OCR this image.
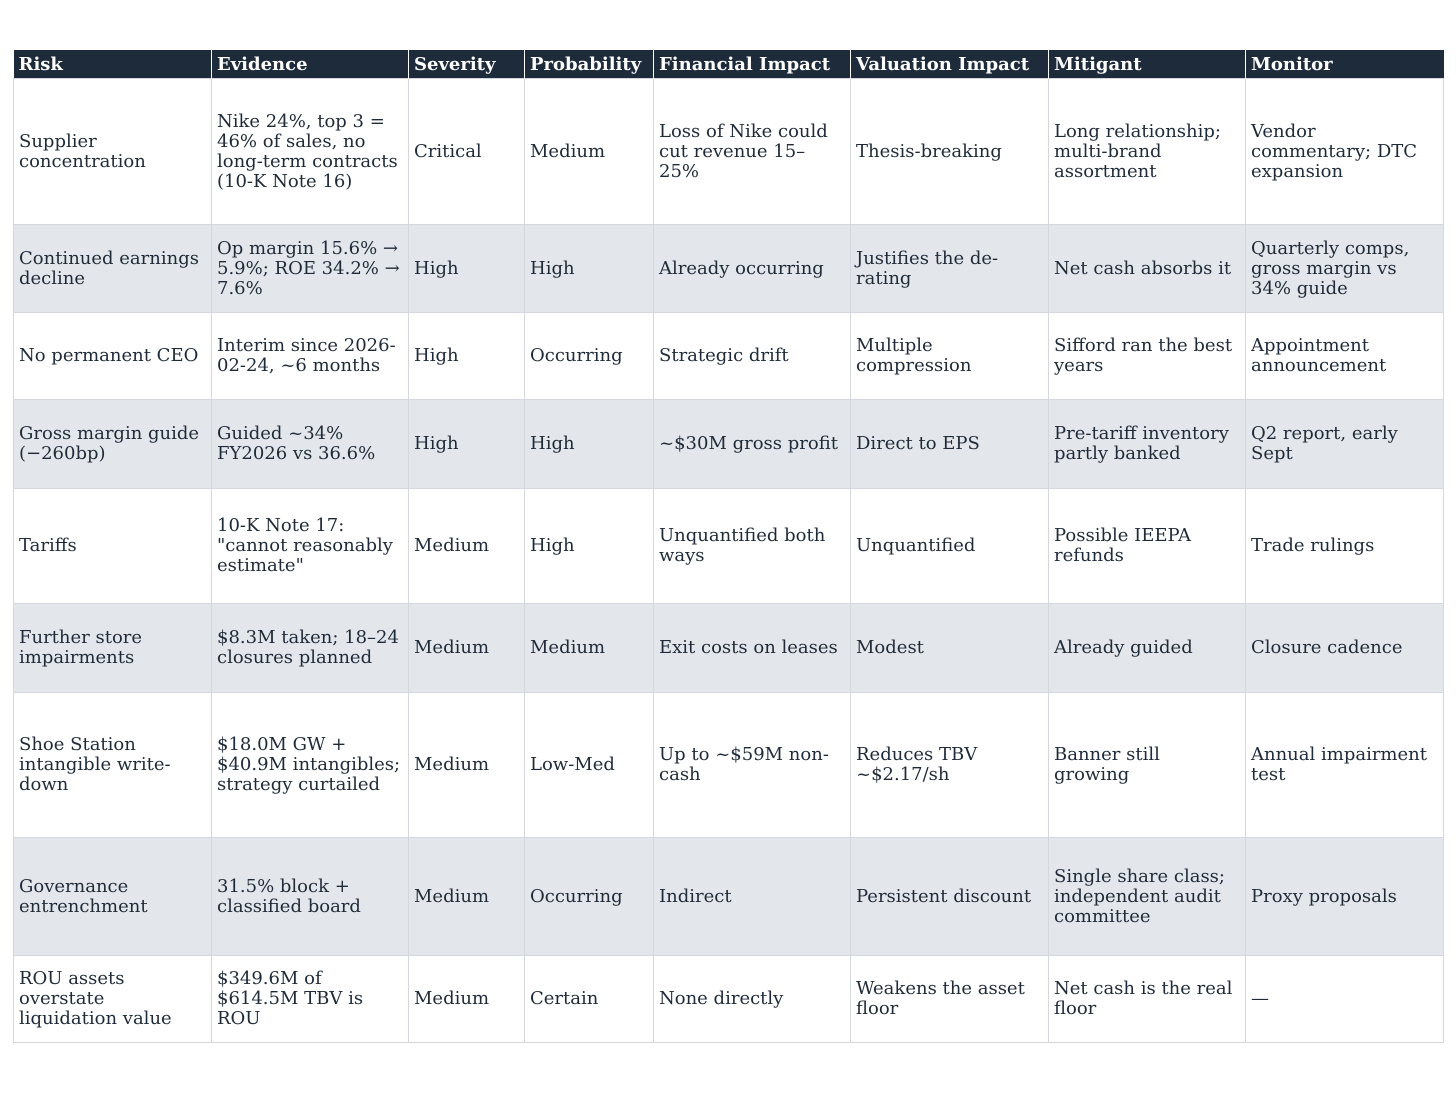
Risk	Evidence	Severity	Probability	Financial Impact	Valuation Impact	Mitigant	Monitor
Supplier concentration	Nike 24%, top 3 = 46% of sales, no long-term contracts (10-K Note 16)	Critical	Medium	Loss of Nike could cut revenue 15–25%	Thesis-breaking	Long relationship; multi-brand assortment	Vendor commentary; DTC expansion
Continued earnings decline	Op margin 15.6% → 5.9%; ROE 34.2% → 7.6%	High	High	Already occurring	Justifies the de-rating	Net cash absorbs it	Quarterly comps, gross margin vs 34% guide
No permanent CEO	Interim since 2026-02-24, ~6 months	High	Occurring	Strategic drift	Multiple compression	Sifford ran the best years	Appointment announcement
Gross margin guide (−260bp)	Guided ~34% FY2026 vs 36.6%	High	High	~$30M gross profit	Direct to EPS	Pre-tariff inventory partly banked	Q2 report, early Sept
Tariffs	10-K Note 17: "cannot reasonably estimate"	Medium	High	Unquantified both ways	Unquantified	Possible IEEPA refunds	Trade rulings
Further store impairments	$8.3M taken; 18–24 closures planned	Medium	Medium	Exit costs on leases	Modest	Already guided	Closure cadence
Shoe Station intangible write-down	$18.0M GW + $40.9M intangibles; strategy curtailed	Medium	Low-Med	Up to ~$59M non-cash	Reduces TBV ~$2.17/sh	Banner still growing	Annual impairment test
Governance entrenchment	31.5% block + classified board	Medium	Occurring	Indirect	Persistent discount	Single share class; independent audit committee	Proxy proposals
ROU assets overstate liquidation value	$349.6M of $614.5M TBV is ROU	Medium	Certain	None directly	Weakens the asset floor	Net cash is the real floor	—
